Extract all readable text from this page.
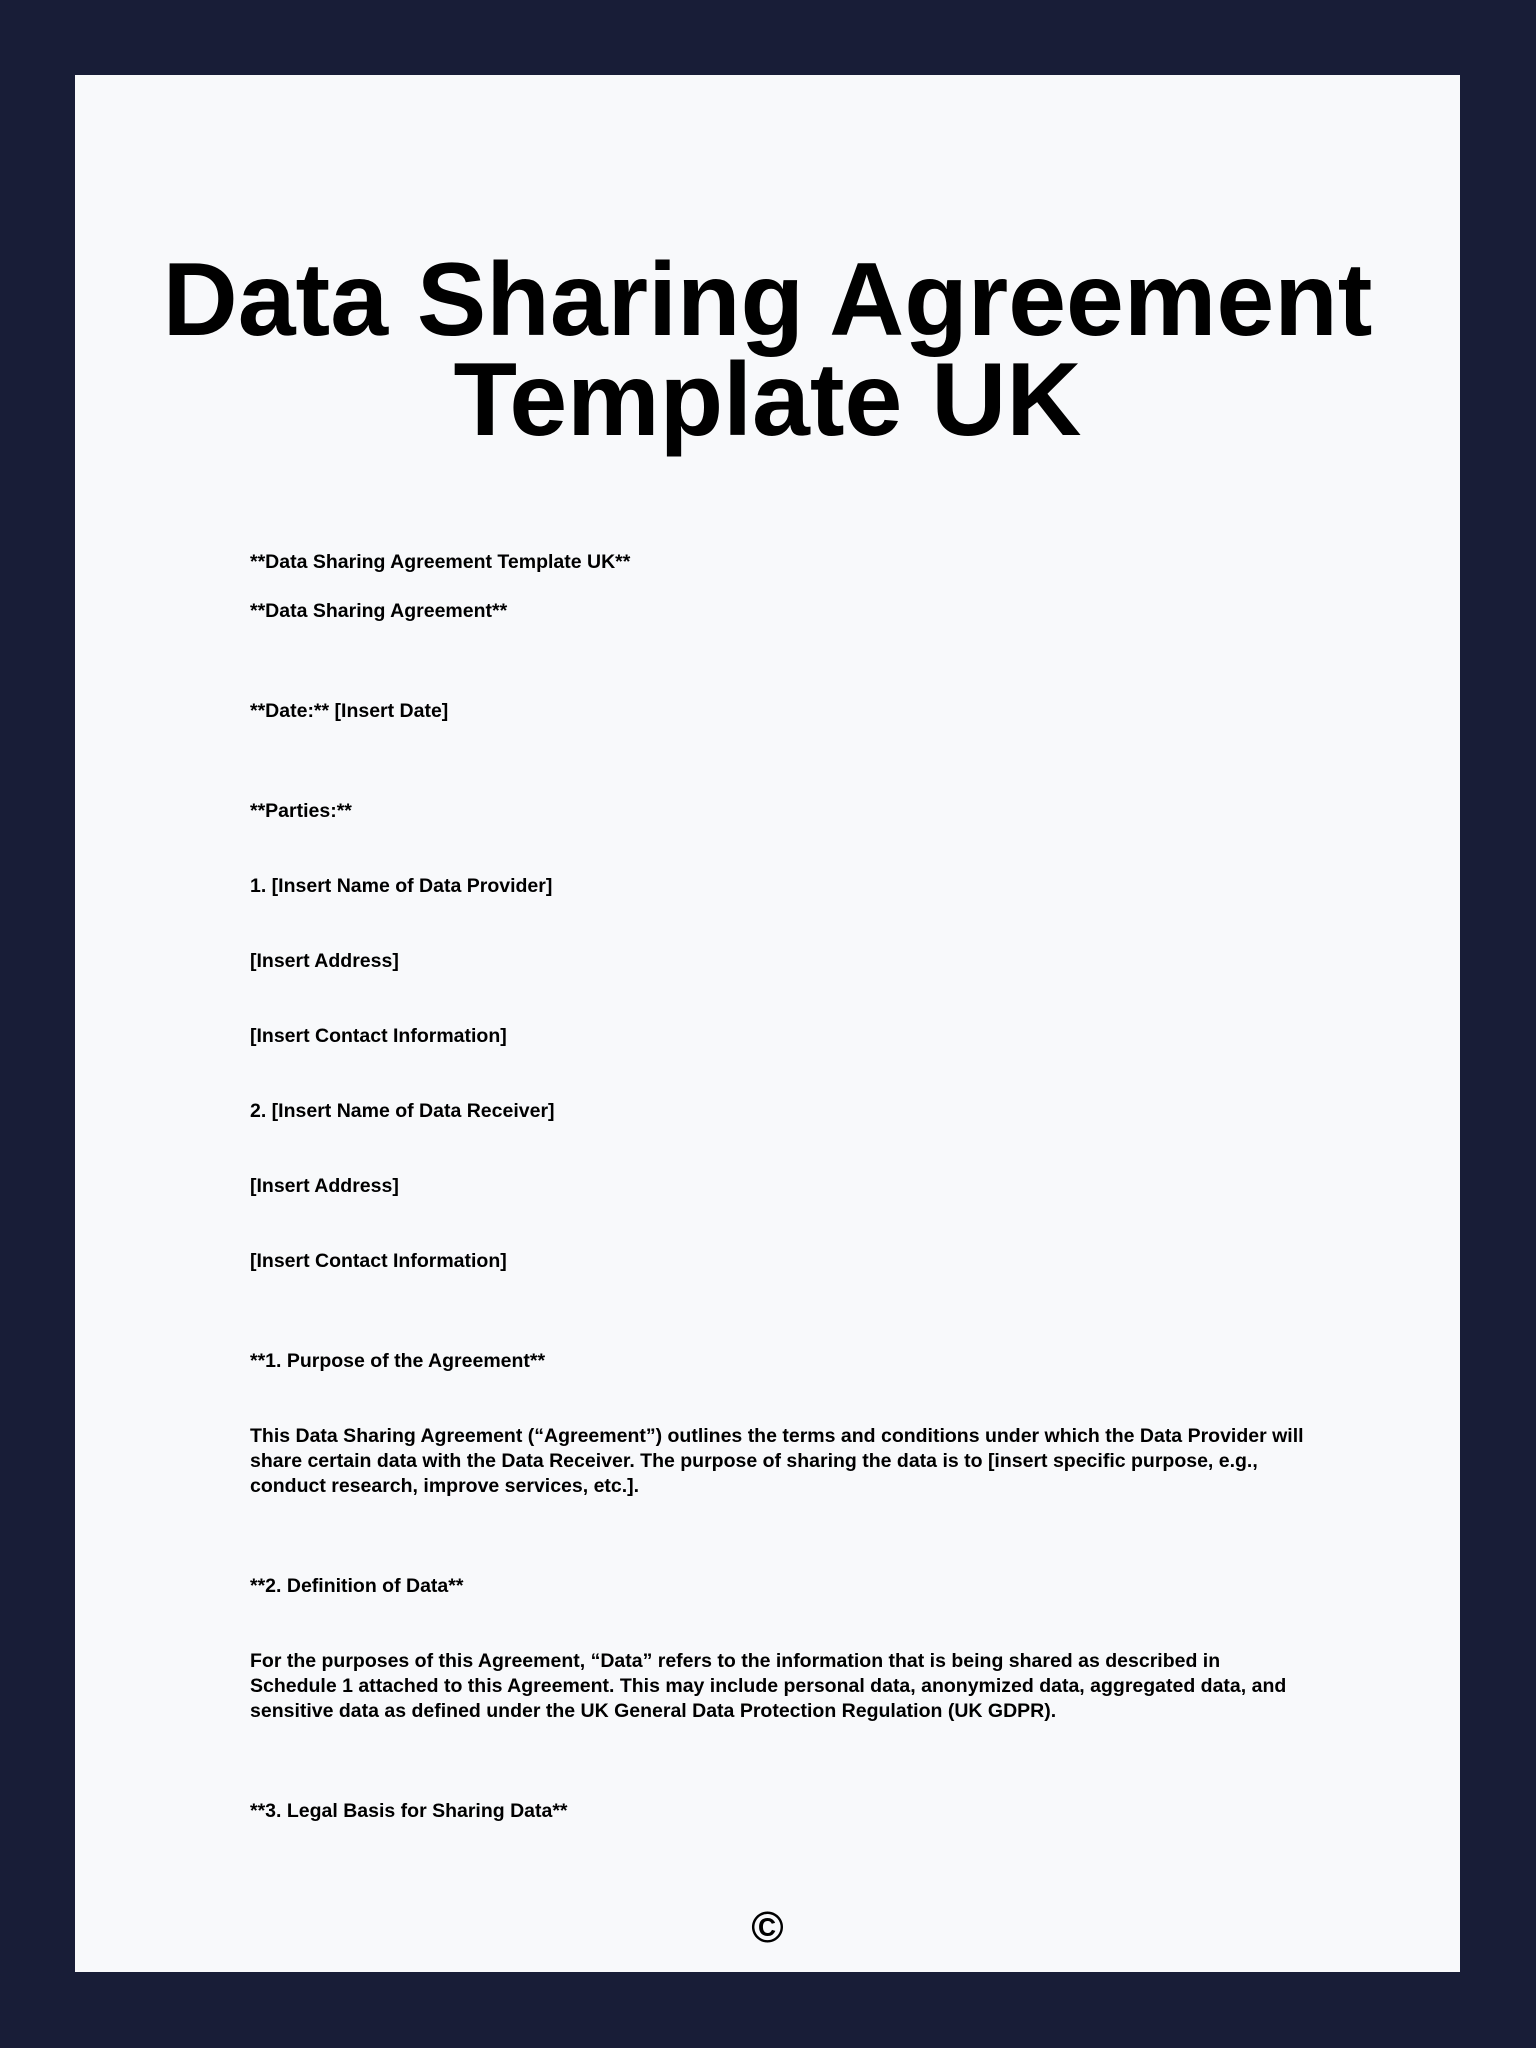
Data Sharing Agreement
Template UK

**Data Sharing Agreement Template UK**

**Data Sharing Agreement**

**Date:** [Insert Date]

**Parties:**

1. [Insert Name of Data Provider]

[Insert Address]

[Insert Contact Information]

2. [Insert Name of Data Receiver]

[Insert Address]

[Insert Contact Information]

**1. Purpose of the Agreement**

This Data Sharing Agreement (“Agreement”) outlines the terms and conditions under which the Data Provider will share certain data with the Data Receiver. The purpose of sharing the data is to [insert specific purpose, e.g., conduct research, improve services, etc.].

**2. Definition of Data**

For the purposes of this Agreement, “Data” refers to the information that is being shared as described in Schedule 1 attached to this Agreement. This may include personal data, anonymized data, aggregated data, and sensitive data as defined under the UK General Data Protection Regulation (UK GDPR).

**3. Legal Basis for Sharing Data**

©
